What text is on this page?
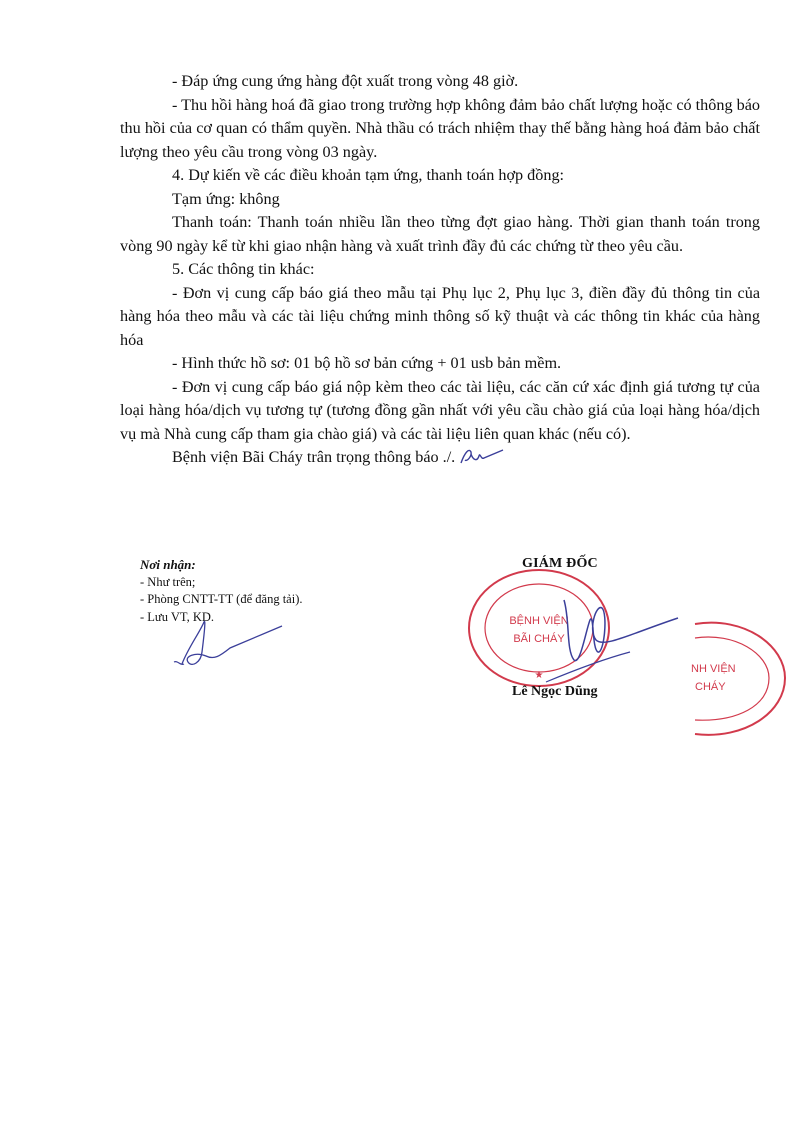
- Đáp ứng cung ứng hàng đột xuất trong vòng 48 giờ.

- Thu hồi hàng hoá đã giao trong trường hợp không đảm bảo chất lượng hoặc có thông báo thu hồi của cơ quan có thẩm quyền. Nhà thầu có trách nhiệm thay thế bằng hàng hoá đảm bảo chất lượng theo yêu cầu trong vòng 03 ngày.

4. Dự kiến về các điều khoản tạm ứng, thanh toán hợp đồng:

Tạm ứng: không

Thanh toán: Thanh toán nhiều lần theo từng đợt giao hàng. Thời gian thanh toán trong vòng 90 ngày kể từ khi giao nhận hàng và xuất trình đầy đủ các chứng từ theo yêu cầu.

5. Các thông tin khác:

- Đơn vị cung cấp báo giá theo mẫu tại Phụ lục 2, Phụ lục 3, điền đầy đủ thông tin của hàng hóa theo mẫu và các tài liệu chứng minh thông số kỹ thuật và các thông tin khác của hàng hóa

- Hình thức hồ sơ: 01 bộ hồ sơ bản cứng + 01 usb bản mềm.

- Đơn vị cung cấp báo giá nộp kèm theo các tài liệu, các căn cứ xác định giá tương tự của loại hàng hóa/dịch vụ tương tự (tương đồng gần nhất với yêu cầu chào giá của loại hàng hóa/dịch vụ mà Nhà cung cấp tham gia chào giá) và các tài liệu liên quan khác (nếu có).

Bệnh viện Bãi Cháy trân trọng thông báo ./.

Nơi nhận:
- Như trên;
- Phòng CNTT-TT (để đăng tải).
- Lưu VT, KD.	BỆNH VIỆN
BÃI CHÁY
★
NH VIỆN
CHÁY
GIÁM ĐỐC
Lê Ngọc Dũng
